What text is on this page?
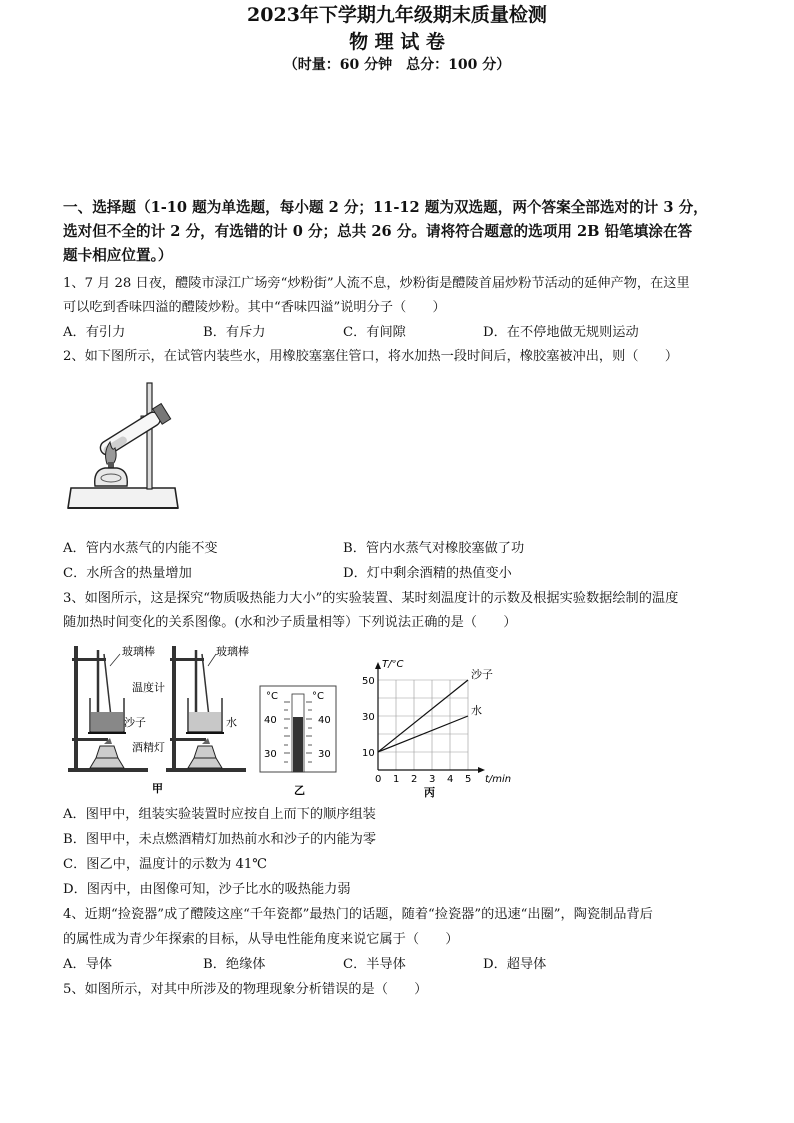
2023年下学期九年级期末质量检测
物 理 试 卷
（时量：60 分钟　总分：100 分）
一、选择题（1-10 题为单选题，每小题 2 分；11-12 题为双选题，两个答案全部选对的计 3 分，
选对但不全的计 2 分，有选错的计 0 分；总共 26 分。请将符合题意的选项用 2B 铅笔填涂在答
题卡相应位置。）
1、7 月 28 日夜，醴陵市渌江广场旁“炒粉街”人流不息，炒粉街是醴陵首届炒粉节活动的延伸产物，在这里
可以吃到香味四溢的醴陵炒粉。其中“香味四溢”说明分子（　　）
A．有引力	B．有斥力	C．有间隙	D．在不停地做无规则运动
2、如下图所示，在试管内装些水，用橡胶塞塞住管口，将水加热一段时间后，橡胶塞被冲出，则（　　）
A．管内水蒸气的内能不变	B．管内水蒸气对橡胶塞做了功
C．水所含的热量增加	D．灯中剩余酒精的热值变小
3、如图所示，这是探究“物质吸热能力大小”的实验装置、某时刻温度计的示数及根据实验数据绘制的温度
随加热时间变化的关系图像。(水和沙子质量相等）下列说法正确的是（　　）
玻璃棒	玻璃棒
温度计
沙子	水
酒精灯
甲
°C	°C
40
30
40
30
乙
T/°C
t/min
0 1 2 3 4 5
10
30
50
沙子
水
丙
A．图甲中，组装实验装置时应按自上而下的顺序组装
B．图甲中，未点燃酒精灯加热前水和沙子的内能为零
C．图乙中，温度计的示数为 41℃
D．图丙中，由图像可知，沙子比水的吸热能力弱
4、近期“捡瓷器”成了醴陵这座“千年瓷都”最热门的话题，随着“捡瓷器”的迅速“出圈”，陶瓷制品背后
的属性成为青少年探索的目标，从导电性能角度来说它属于（　　）
A．导体	B．绝缘体	C．半导体	D．超导体
5、如图所示，对其中所涉及的物理现象分析错误的是（　　）
